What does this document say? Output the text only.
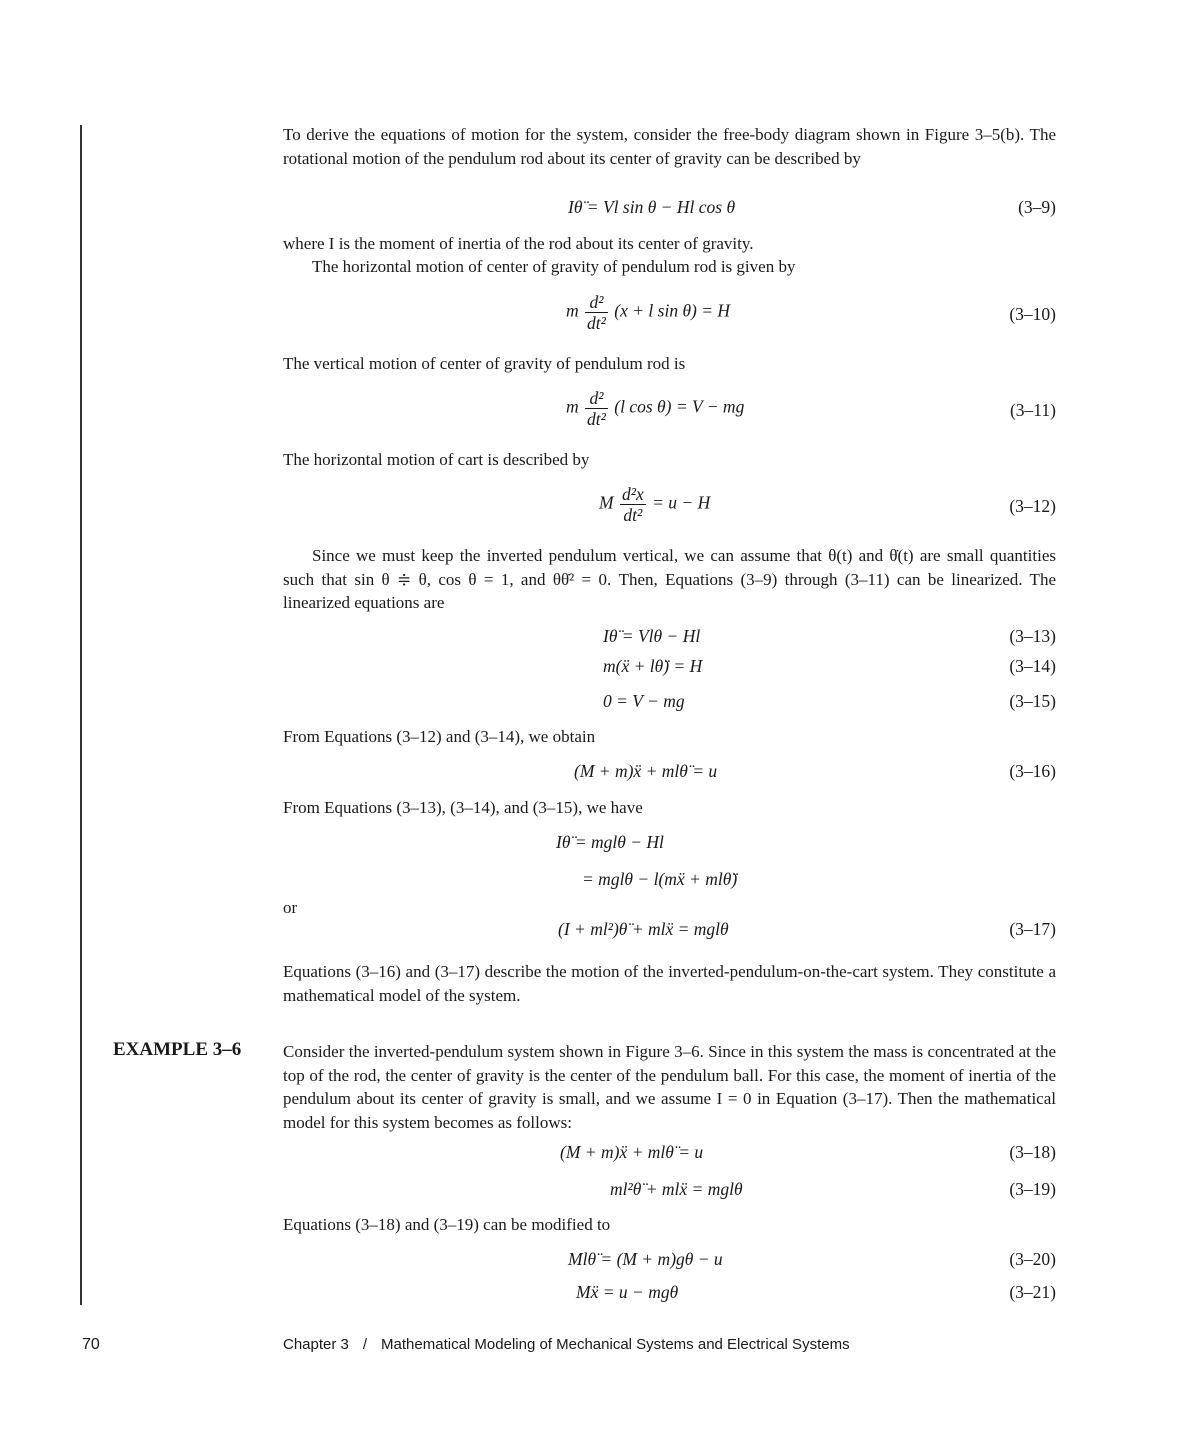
To derive the equations of motion for the system, consider the free-body diagram shown in Figure 3–5(b). The rotational motion of the pendulum rod about its center of gravity can be described by
Iθ̈ = Vl sin θ − Hl cos θ	(3–9)
where I is the moment of inertia of the rod about its center of gravity.
The horizontal motion of center of gravity of pendulum rod is given by
m $\frac{\text{d²}}{\text{dt²}} (x + l$ sin θ) = H	(3–10)
The vertical motion of center of gravity of pendulum rod is
m $\frac{\text{d²}}{\text{dt²}} (l$ cos θ) = V − mg	(3–11)
The horizontal motion of cart is described by
M $\frac{\text{d²x}}{\text{dt²}} = u - H$	(3–12)
Since we must keep the inverted pendulum vertical, we can assume that θ(t) and θ̇(t) are small quantities such that sin θ ≑ θ, cos θ = 1, and θθ̇² = 0. Then, Equations (3–9) through (3–11) can be linearized. The linearized equations are
Iθ̈ = Vlθ − Hl	(3–13)
m(ẍ + lθ̈) = H	(3–14)
0 = V − mg	(3–15)
From Equations (3–12) and (3–14), we obtain
(M + m)ẍ + mlθ̈ = u	(3–16)
From Equations (3–13), (3–14), and (3–15), we have
Iθ̈ = mglθ − Hl
= mglθ − l(mẍ + mlθ̈)
or
(I + ml²)θ̈ + mlẍ = mglθ	(3–17)
Equations (3–16) and (3–17) describe the motion of the inverted-pendulum-on-the-cart system. They constitute a mathematical model of the system.
EXAMPLE 3–6 Consider the inverted-pendulum system shown in Figure 3–6. Since in this system the mass is concentrated at the top of the rod, the center of gravity is the center of the pendulum ball. For this case, the moment of inertia of the pendulum about its center of gravity is small, and we assume I = 0 in Equation (3–17). Then the mathematical model for this system becomes as follows:
(M + m)ẍ + mlθ̈ = u	(3–18)
ml²θ̈ + mlẍ = mglθ	(3–19)
Equations (3–18) and (3–19) can be modified to
Mlθ̈ = (M + m)gθ − u	(3–20)
Mẍ = u − mgθ	(3–21)
70	Chapter 3 / Mathematical Modeling of Mechanical Systems and Electrical Systems
